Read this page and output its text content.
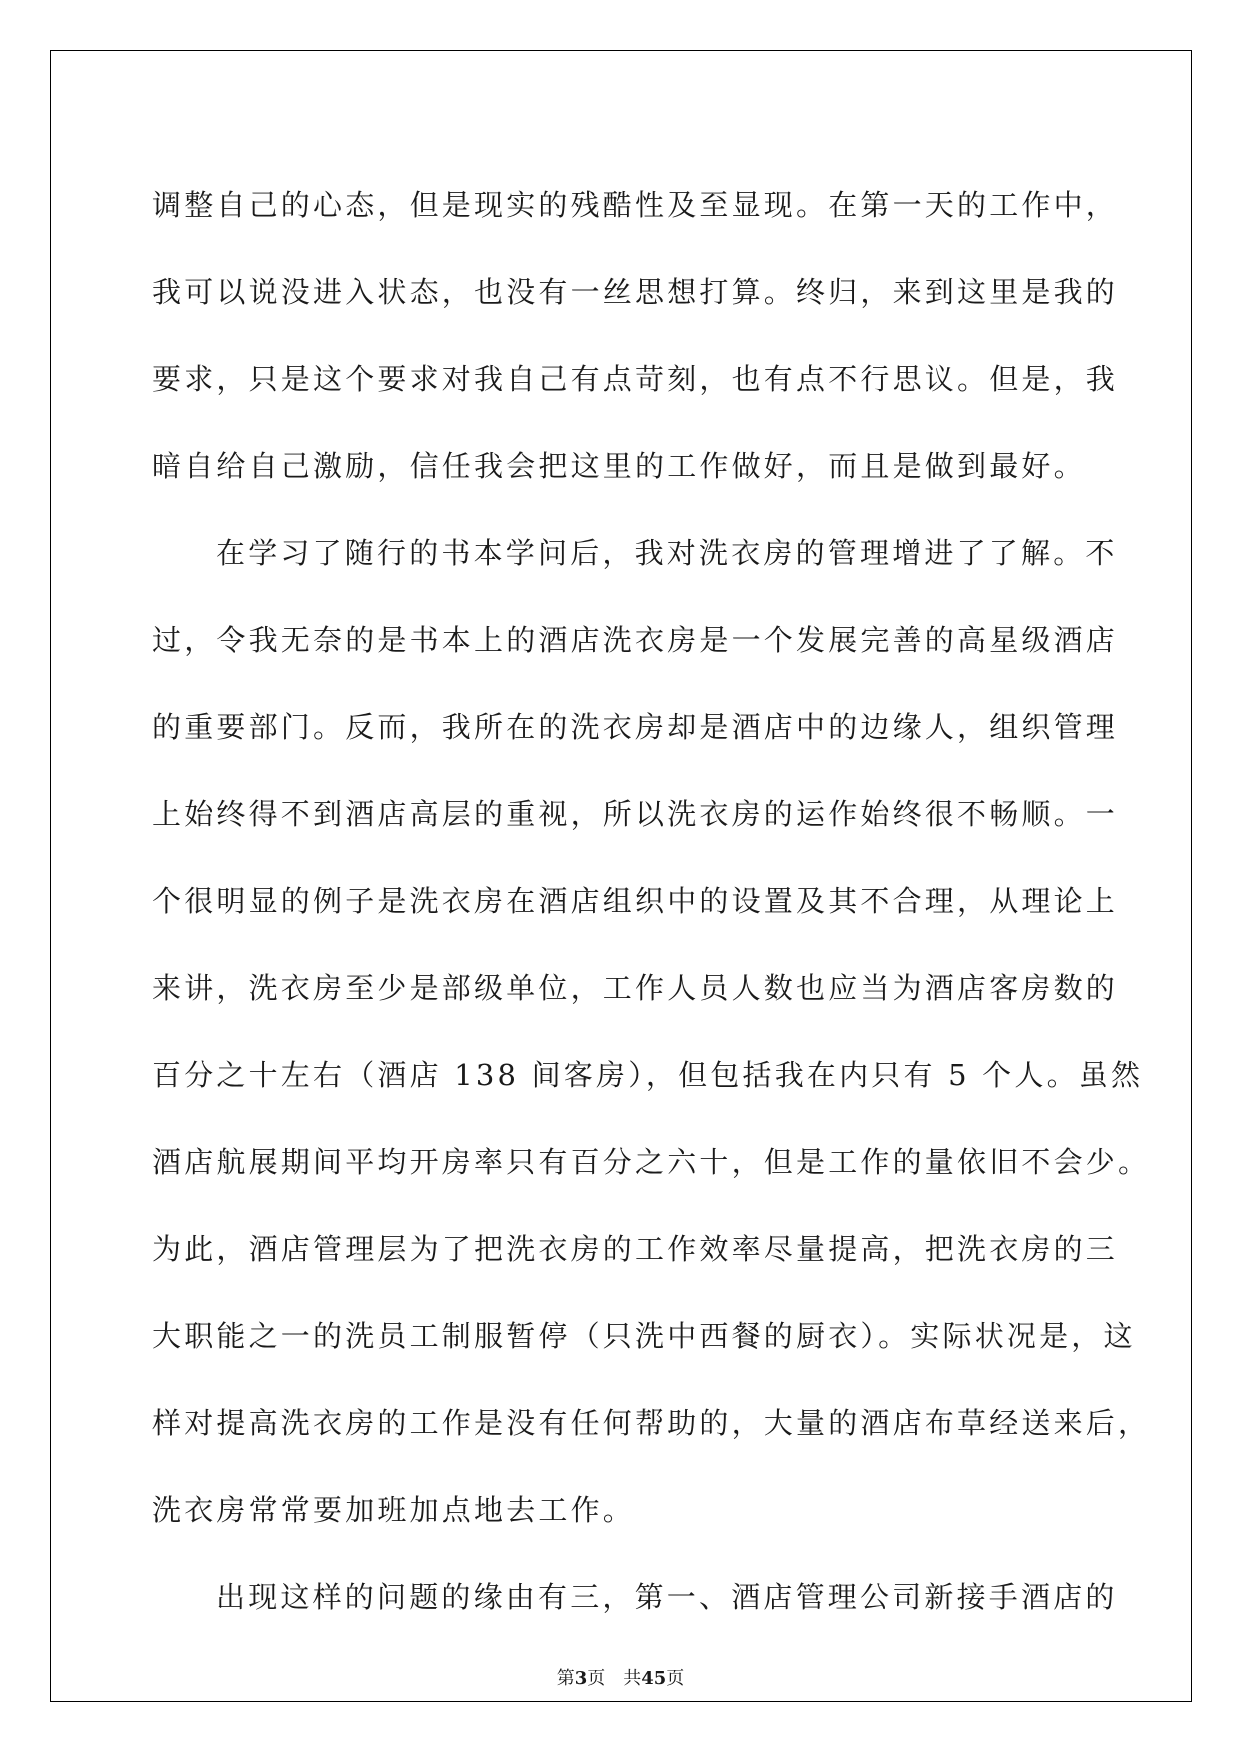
调整自己的心态，但是现实的残酷性及至显现。在第一天的工作中，
我可以说没进入状态，也没有一丝思想打算。终归，来到这里是我的
要求，只是这个要求对我自己有点苛刻，也有点不行思议。但是，我
暗自给自己激励，信任我会把这里的工作做好，而且是做到最好。
在学习了随行的书本学问后，我对洗衣房的管理增进了了解。不
过，令我无奈的是书本上的酒店洗衣房是一个发展完善的高星级酒店
的重要部门。反而，我所在的洗衣房却是酒店中的边缘人，组织管理
上始终得不到酒店高层的重视，所以洗衣房的运作始终很不畅顺。一
个很明显的例子是洗衣房在酒店组织中的设置及其不合理，从理论上
来讲，洗衣房至少是部级单位，工作人员人数也应当为酒店客房数的
百分之十左右（酒店 138 间客房），但包括我在内只有 5 个人。虽然
酒店航展期间平均开房率只有百分之六十，但是工作的量依旧不会少。
为此，酒店管理层为了把洗衣房的工作效率尽量提高，把洗衣房的三
大职能之一的洗员工制服暂停（只洗中西餐的厨衣）。实际状况是，这
样对提高洗衣房的工作是没有任何帮助的，大量的酒店布草经送来后，
洗衣房常常要加班加点地去工作。
出现这样的问题的缘由有三，第一、酒店管理公司新接手酒店的
第3页 共45页
